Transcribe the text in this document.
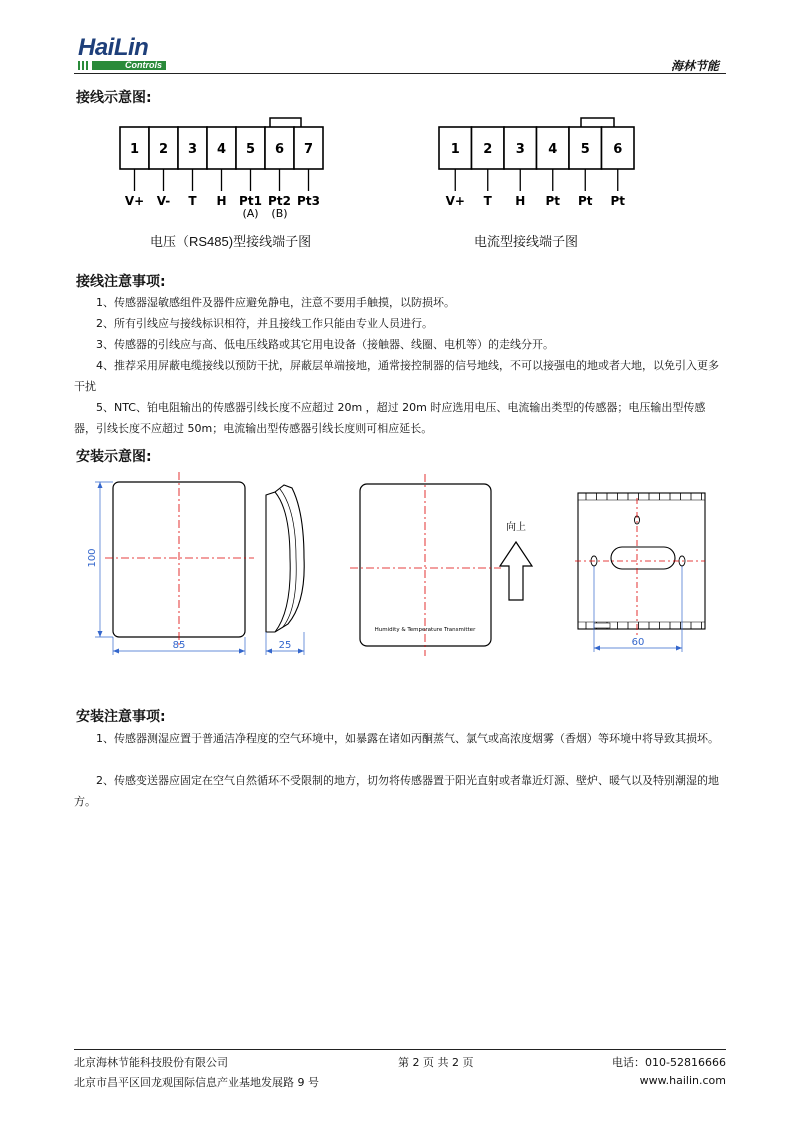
HaiLin
Controls	海林节能
接线示意图:
1
V+
2
V-
3
T
4
H
5
Pt1
6
Pt2
7
Pt3
(A) (B)
电压（RS485)型接线端子图
1
V+
2
T
3
H
4
Pt
5
Pt
6
Pt
电流型接线端子图
接线注意事项:
1、传感器湿敏感组件及器件应避免静电，注意不要用手触摸，以防损坏。
2、所有引线应与接线标识相符，并且接线工作只能由专业人员进行。
3、传感器的引线应与高、低电压线路或其它用电设备（接触器、线圈、电机等）的走线分开。
4、推荐采用屏蔽电缆接线以预防干扰，屏蔽层单端接地，通常接控制器的信号地线，不可以接强电的地或者大地，以免引入更多干扰
5、NTC、铂电阻输出的传感器引线长度不应超过 20m ，超过 20m 时应选用电压、电流输出类型的传感器；电压输出型传感器，引线长度不应超过 50m；电流输出型传感器引线长度则可相应延长。
安装示意图:
100
85	25
Humidity & Temperature Transmitter
向上
60
安装注意事项:
1、传感器测湿应置于普通洁净程度的空气环境中，如暴露在诸如丙酮蒸气、氯气或高浓度烟雾（香烟）等环境中将导致其损坏。
2、传感变送器应固定在空气自然循环不受限制的地方，切勿将传感器置于阳光直射或者靠近灯源、壁炉、暖气以及特别潮湿的地方。
北京海林节能科技股份有限公司
北京市昌平区回龙观国际信息产业基地发展路 9 号
第 2 页 共 2 页	电话：010-52816666
www.hailin.com
